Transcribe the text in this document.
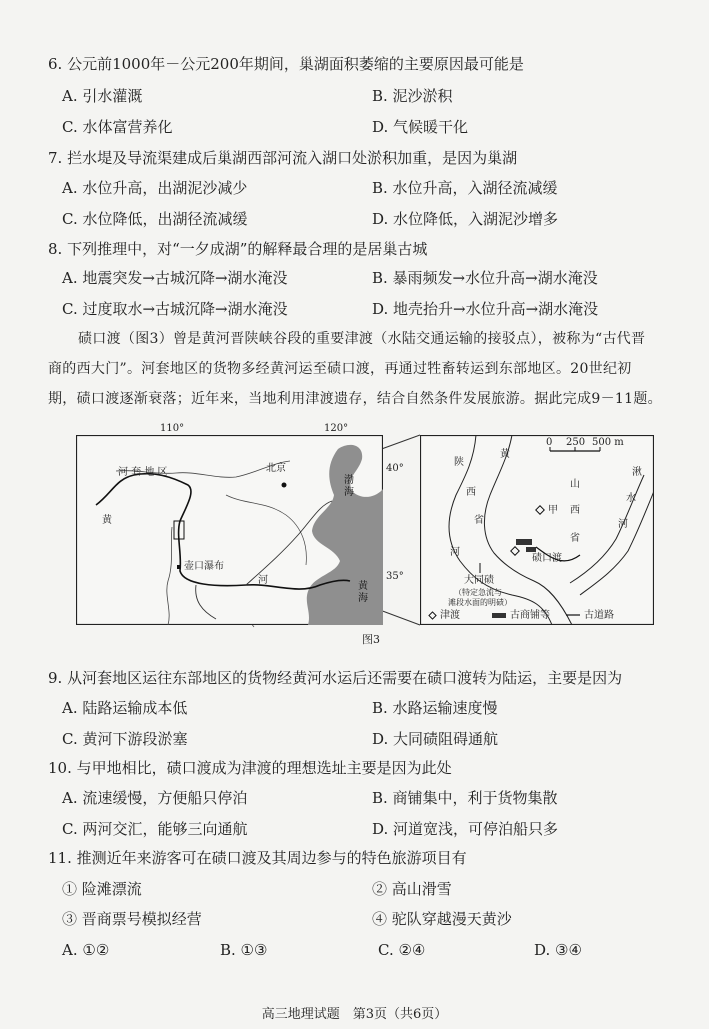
6. 公元前1000年－公元200年期间，巢湖面积萎缩的主要原因最可能是
A. 引水灌溉	B. 泥沙淤积
C. 水体富营养化	D. 气候暖干化
7. 拦水堤及导流渠建成后巢湖西部河流入湖口处淤积加重，是因为巢湖
A. 水位升高，出湖泥沙减少	B. 水位升高，入湖径流减缓
C. 水位降低，出湖径流减缓	D. 水位降低，入湖泥沙增多
8. 下列推理中，对“一夕成湖”的解释最合理的是居巢古城
A. 地震突发→古城沉降→湖水淹没	B. 暴雨频发→水位升高→湖水淹没
C. 过度取水→古城沉降→湖水淹没	D. 地壳抬升→水位升高→湖水淹没
碛口渡（图3）曾是黄河晋陕峡谷段的重要津渡（水陆交通运输的接驳点），被称为“古代晋
商的西大门”。河套地区的货物多经黄河运至碛口渡，再通过牲畜转运到东部地区。20世纪初
期，碛口渡逐渐衰落；近年来，当地利用津渡遗存，结合自然条件发展旅游。据此完成9－11题。
110°	120°
40°
35°
河 套 地 区	北京
渤 海
黄 海
黄
河
壶口瀑布
0 250 500 m
陕
西
省
山
西
省
黄
河
湫
水
河
甲
碛口渡
大同碛
（特定急流与
滩段水面的明碛）
津渡	古商铺等	古道路
图3
9. 从河套地区运往东部地区的货物经黄河水运后还需要在碛口渡转为陆运，主要是因为
A. 陆路运输成本低	B. 水路运输速度慢
C. 黄河下游段淤塞	D. 大同碛阻碍通航
10. 与甲地相比，碛口渡成为津渡的理想选址主要是因为此处
A. 流速缓慢，方便船只停泊	B. 商铺集中，利于货物集散
C. 两河交汇，能够三向通航	D. 河道宽浅，可停泊船只多
11. 推测近年来游客可在碛口渡及其周边参与的特色旅游项目有
① 险滩漂流	② 高山滑雪
③ 晋商票号模拟经营	④ 驼队穿越漫天黄沙
A. ①②	B. ①③	C. ②④	D. ③④
高三地理试题　第3页（共6页）
